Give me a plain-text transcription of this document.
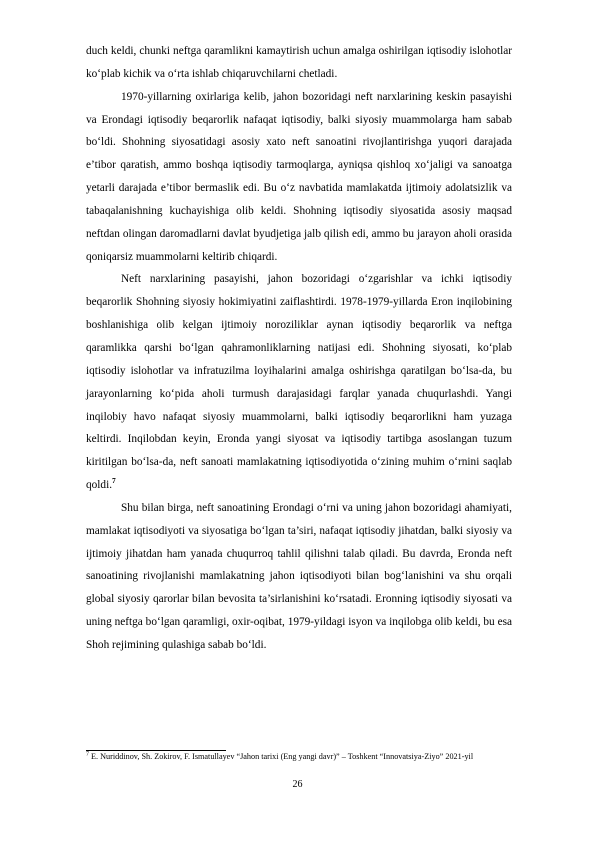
duch keldi, chunki neftga qaramlikni kamaytirish uchun amalga oshirilgan iqtisodiy islohotlar ko‘plab kichik va o‘rta ishlab chiqaruvchilarni chetladi.

1970-yillarning oxirlariga kelib, jahon bozoridagi neft narxlarining keskin pasayishi va Erondagi iqtisodiy beqarorlik nafaqat iqtisodiy, balki siyosiy muammolarga ham sabab bo‘ldi. Shohning siyosatidagi asosiy xato neft sanoatini rivojlantirishga yuqori darajada e’tibor qaratish, ammo boshqa iqtisodiy tarmoqlarga, ayniqsa qishloq xo‘jaligi va sanoatga yetarli darajada e’tibor bermaslik edi. Bu o‘z navbatida mamlakatda ijtimoiy adolatsizlik va tabaqalanishning kuchayishiga olib keldi. Shohning iqtisodiy siyosatida asosiy maqsad neftdan olingan daromadlarni davlat byudjetiga jalb qilish edi, ammo bu jarayon aholi orasida qoniqarsiz muammolarni keltirib chiqardi.

Neft narxlarining pasayishi, jahon bozoridagi o‘zgarishlar va ichki iqtisodiy beqarorlik Shohning siyosiy hokimiyatini zaiflashtirdi. 1978-1979-yillarda Eron inqilobining boshlanishiga olib kelgan ijtimoiy noroziliklar aynan iqtisodiy beqarorlik va neftga qaramlikka qarshi bo‘lgan qahramonliklarning natijasi edi. Shohning siyosati, ko‘plab iqtisodiy islohotlar va infratuzilma loyihalarini amalga oshirishga qaratilgan bo‘lsa-da, bu jarayonlarning ko‘pida aholi turmush darajasidagi farqlar yanada chuqurlashdi. Yangi inqilobiy havo nafaqat siyosiy muammolarni, balki iqtisodiy beqarorlikni ham yuzaga keltirdi. Inqilobdan keyin, Eronda yangi siyosat va iqtisodiy tartibga asoslangan tuzum kiritilgan bo‘lsa-da, neft sanoati mamlakatning iqtisodiyotida o‘zining muhim o‘rnini saqlab qoldi.$^7$

Shu bilan birga, neft sanoatining Erondagi o‘rni va uning jahon bozoridagi ahamiyati, mamlakat iqtisodiyoti va siyosatiga bo‘lgan ta’siri, nafaqat iqtisodiy jihatdan, balki siyosiy va ijtimoiy jihatdan ham yanada chuqurroq tahlil qilishni talab qiladi. Bu davrda, Eronda neft sanoatining rivojlanishi mamlakatning jahon iqtisodiyoti bilan bog‘lanishini va shu orqali global siyosiy qarorlar bilan bevosita ta’sirlanishini ko‘rsatadi. Eronning iqtisodiy siyosati va uning neftga bo‘lgan qaramligi, oxir-oqibat, 1979-yildagi isyon va inqilobga olib keldi, bu esa Shoh rejimining qulashiga sabab bo‘ldi.

$^7$ E. Nuriddinov, Sh. Zokirov, F. Ismatullayev “Jahon tarixi (Eng yangi davr)” – Toshkent “Innovatsiya-Ziyo” 2021-yil

26
